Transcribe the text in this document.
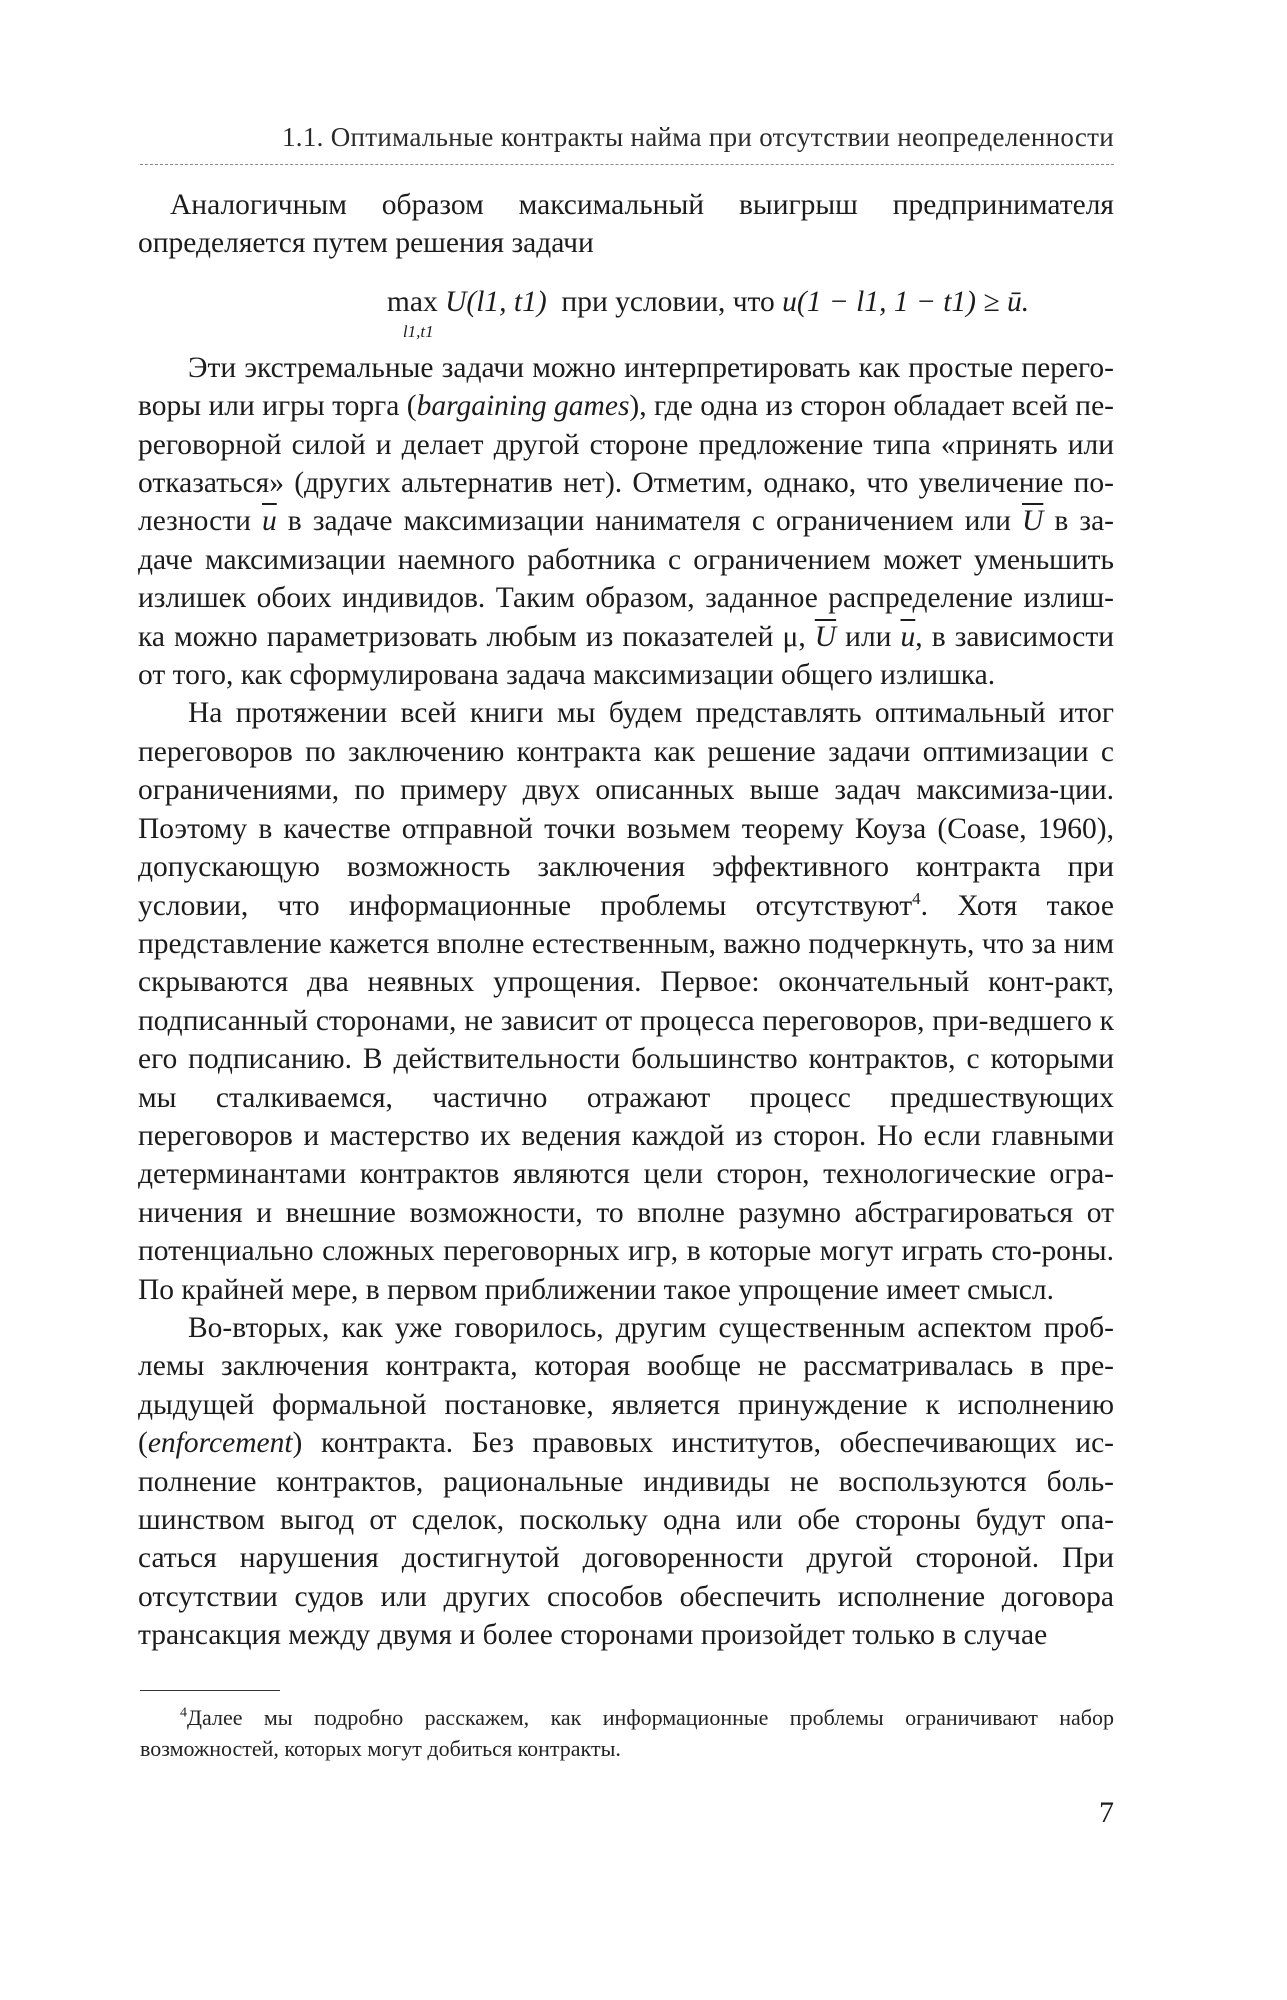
1.1. Оптимальные контракты найма при отсутствии неопределенности

Аналогичным образом максимальный выигрыш предпринимателя определяется путем решения задачи

max
l1,t1
U(l1, t1) при условии, что u(1 − l1, 1 − t1) ≥ ū.

Эти экстремальные задачи можно интерпретировать как простые перего-воры или игры торга (bargaining games), где одна из сторон обладает всей пе-реговорной силой и делает другой стороне предложение типа «принять или отказаться» (других альтернатив нет). Отметим, однако, что увеличение по-лезности $\overline{u}$ в задаче максимизации нанимателя с ограничением или $\overline{U}$ в за-даче максимизации наемного работника с ограничением может уменьшить излишек обоих индивидов. Таким образом, заданное распределение излиш-ка можно параметризовать любым из показателей μ, $\overline{U}$ или $\overline{u}$, в зависимости от того, как сформулирована задача максимизации общего излишка.

На протяжении всей книги мы будем представлять оптимальный итог переговоров по заключению контракта как решение задачи оптимизации с ограничениями, по примеру двух описанных выше задач максимиза-ции. Поэтому в качестве отправной точки возьмем теорему Коуза (Coase, 1960), допускающую возможность заключения эффективного контракта при условии, что информационные проблемы отсутствуют$^4$. Хотя такое представление кажется вполне естественным, важно подчеркнуть, что за ним скрываются два неявных упрощения. Первое: окончательный конт-ракт, подписанный сторонами, не зависит от процесса переговоров, при-ведшего к его подписанию. В действительности большинство контрактов, с которыми мы сталкиваемся, частично отражают процесс предшествующих переговоров и мастерство их ведения каждой из сторон. Но если главными детерминантами контрактов являются цели сторон, технологические огра-ничения и внешние возможности, то вполне разумно абстрагироваться от потенциально сложных переговорных игр, в которые могут играть сто-роны. По крайней мере, в первом приближении такое упрощение имеет смысл.

Во-вторых, как уже говорилось, другим существенным аспектом проб-лемы заключения контракта, которая вообще не рассматривалась в пре-дыдущей формальной постановке, является принуждение к исполнению (enforcement) контракта. Без правовых институтов, обеспечивающих ис-полнение контрактов, рациональные индивиды не воспользуются боль-шинством выгод от сделок, поскольку одна или обе стороны будут опа-саться нарушения достигнутой договоренности другой стороной. При отсутствии судов или других способов обеспечить исполнение договора трансакция между двумя и более сторонами произойдет только в случае

$^4$Далее мы подробно расскажем, как информационные проблемы ограничивают набор возможностей, которых могут добиться контракты.
7
